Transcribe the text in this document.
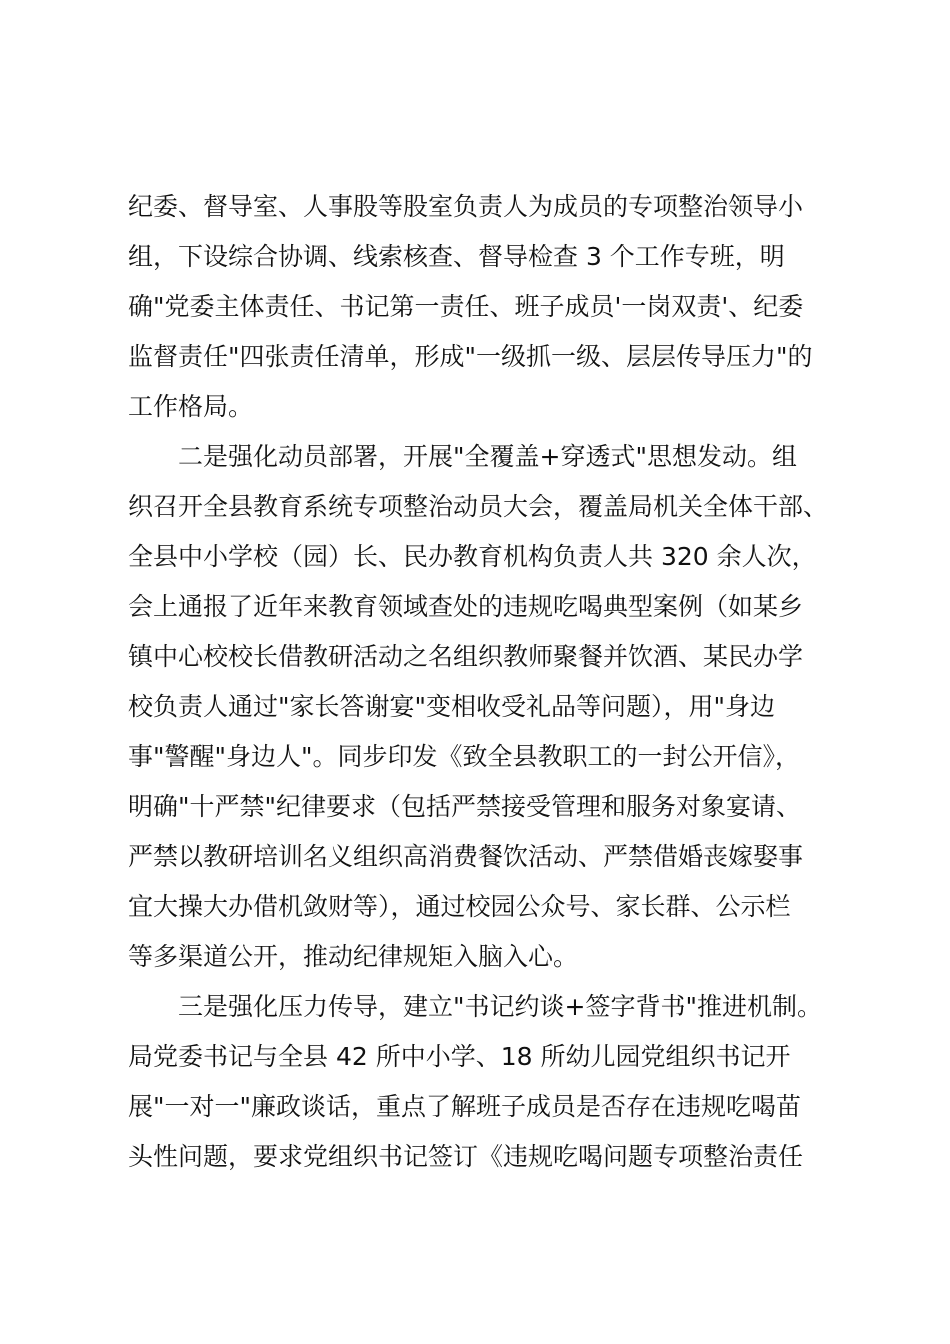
纪委、督导室、人事股等股室负责人为成员的专项整治领导小
组，下设综合协调、线索核查、督导检查 3 个工作专班，明
确"党委主体责任、书记第一责任、班子成员'一岗双责'、纪委
监督责任"四张责任清单，形成"一级抓一级、层层传导压力"的
工作格局。
二是强化动员部署，开展"全覆盖+穿透式"思想发动。组
织召开全县教育系统专项整治动员大会，覆盖局机关全体干部、
全县中小学校（园）长、民办教育机构负责人共 320 余人次，
会上通报了近年来教育领域查处的违规吃喝典型案例（如某乡
镇中心校校长借教研活动之名组织教师聚餐并饮酒、某民办学
校负责人通过"家长答谢宴"变相收受礼品等问题），用"身边
事"警醒"身边人"。同步印发《致全县教职工的一封公开信》，
明确"十严禁"纪律要求（包括严禁接受管理和服务对象宴请、
严禁以教研培训名义组织高消费餐饮活动、严禁借婚丧嫁娶事
宜大操大办借机敛财等），通过校园公众号、家长群、公示栏
等多渠道公开，推动纪律规矩入脑入心。
三是强化压力传导，建立"书记约谈+签字背书"推进机制。
局党委书记与全县 42 所中小学、18 所幼儿园党组织书记开
展"一对一"廉政谈话，重点了解班子成员是否存在违规吃喝苗
头性问题，要求党组织书记签订《违规吃喝问题专项整治责任
